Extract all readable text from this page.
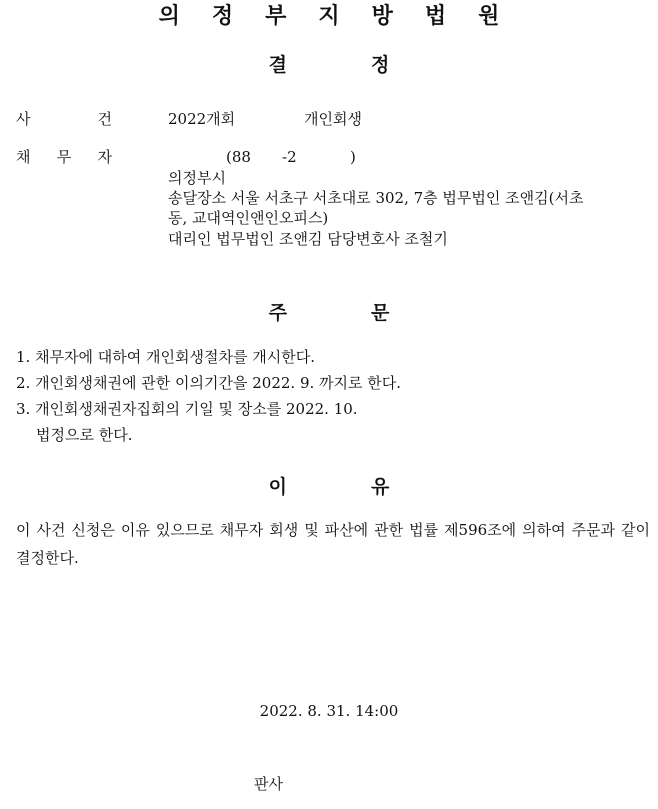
의정부지방법원
결정
사	건	2022개회	개인회생
채 무 자	(88 -2	)
의정부시
송달장소 서울 서초구 서초대로 302, 7층 법무법인 조앤김(서초
동, 교대역인앤인오피스)
대리인 법무법인 조앤김 담당변호사 조철기
주문
1. 채무자에 대하여 개인회생절차를 개시한다.
2. 개인회생채권에 관한 이의기간을 2022. 9. 까지로 한다.
3. 개인회생채권자집회의 기일 및 장소를 2022. 10.
법정으로 한다.
이유
이 사건 신청은 이유 있으므로 채무자 회생 및 파산에 관한 법률 제596조에 의하여 주문과 같이 결정한다.
2022. 8. 31. 14:00
판사
